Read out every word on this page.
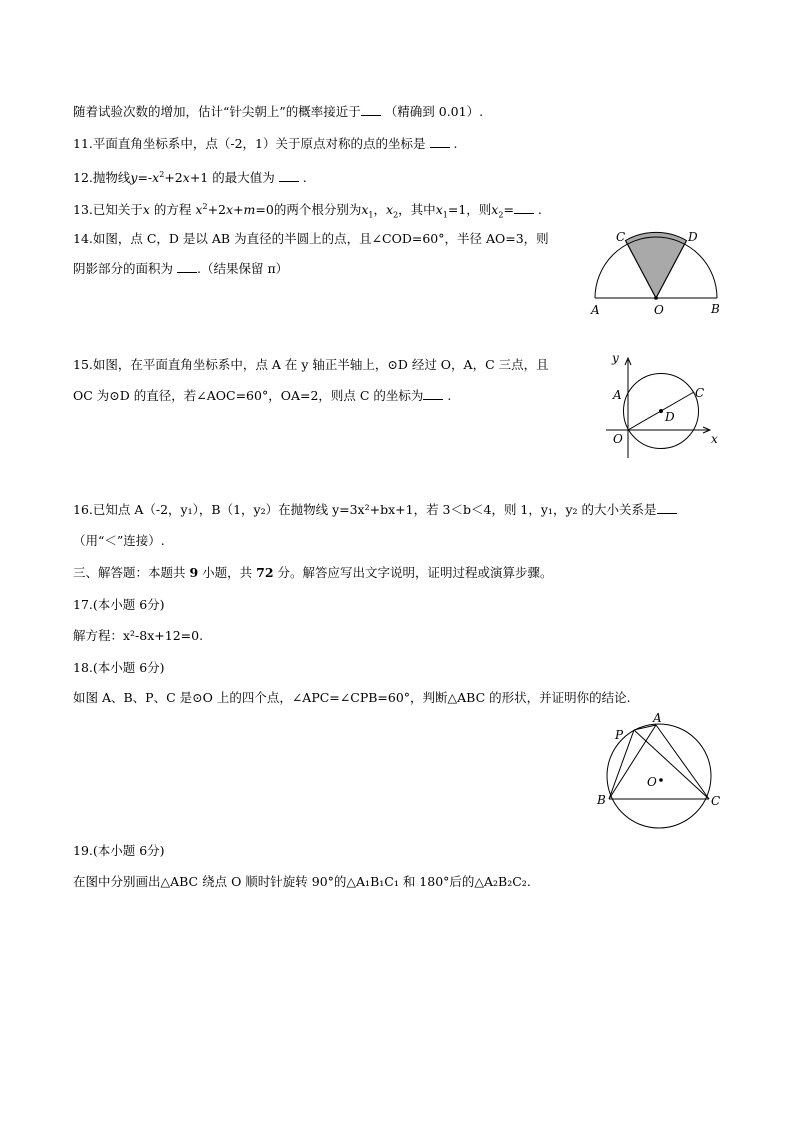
随着试验次数的增加，估计“针尖朝上”的概率接近于 （精确到 0.01）.
11.平面直角坐标系中，点（-2，1）关于原点对称的点的坐标是 .
12.抛物线$y=-x^2+2x+1$ 的最大值为 .
13.已知关于x 的方程 $x^2+2x+m=0$的两个根分别为$x_1$，$x_2$，其中$x_1=1$，则$x_2=$ .
14.如图，点 C，D 是以 AB 为直径的半圆上的点，且∠COD=60°，半径 AO=3，则
阴影部分的面积为 .（结果保留 π）
C	D
A	O	B
15.如图，在平面直角坐标系中，点 A 在 y 轴正半轴上，⊙D 经过 O，A，C 三点，且
OC 为⊙D 的直径，若∠AOC=60°，OA=2，则点 C 的坐标为 .
y
A	C
D
O	x
16.已知点 A（-2，y₁），B（1，y₂）在抛物线 y=3x²+bx+1，若 3＜b＜4，则 1，y₁，y₂ 的大小关系是
（用“＜”连接）.
三、解答题：本题共 9 小题，共 72 分。解答应写出文字说明，证明过程或演算步骤。
17.(本小题 6分)
解方程：x²-8x+12=0.
18.(本小题 6分)
如图 A、B、P、C 是⊙O 上的四个点，∠APC=∠CPB=60°，判断△ABC 的形状，并证明你的结论.
P
A
O
B	C
19.(本小题 6分)
在图中分别画出△ABC 绕点 O 顺时针旋转 90°的△A₁B₁C₁ 和 180°后的△A₂B₂C₂.
